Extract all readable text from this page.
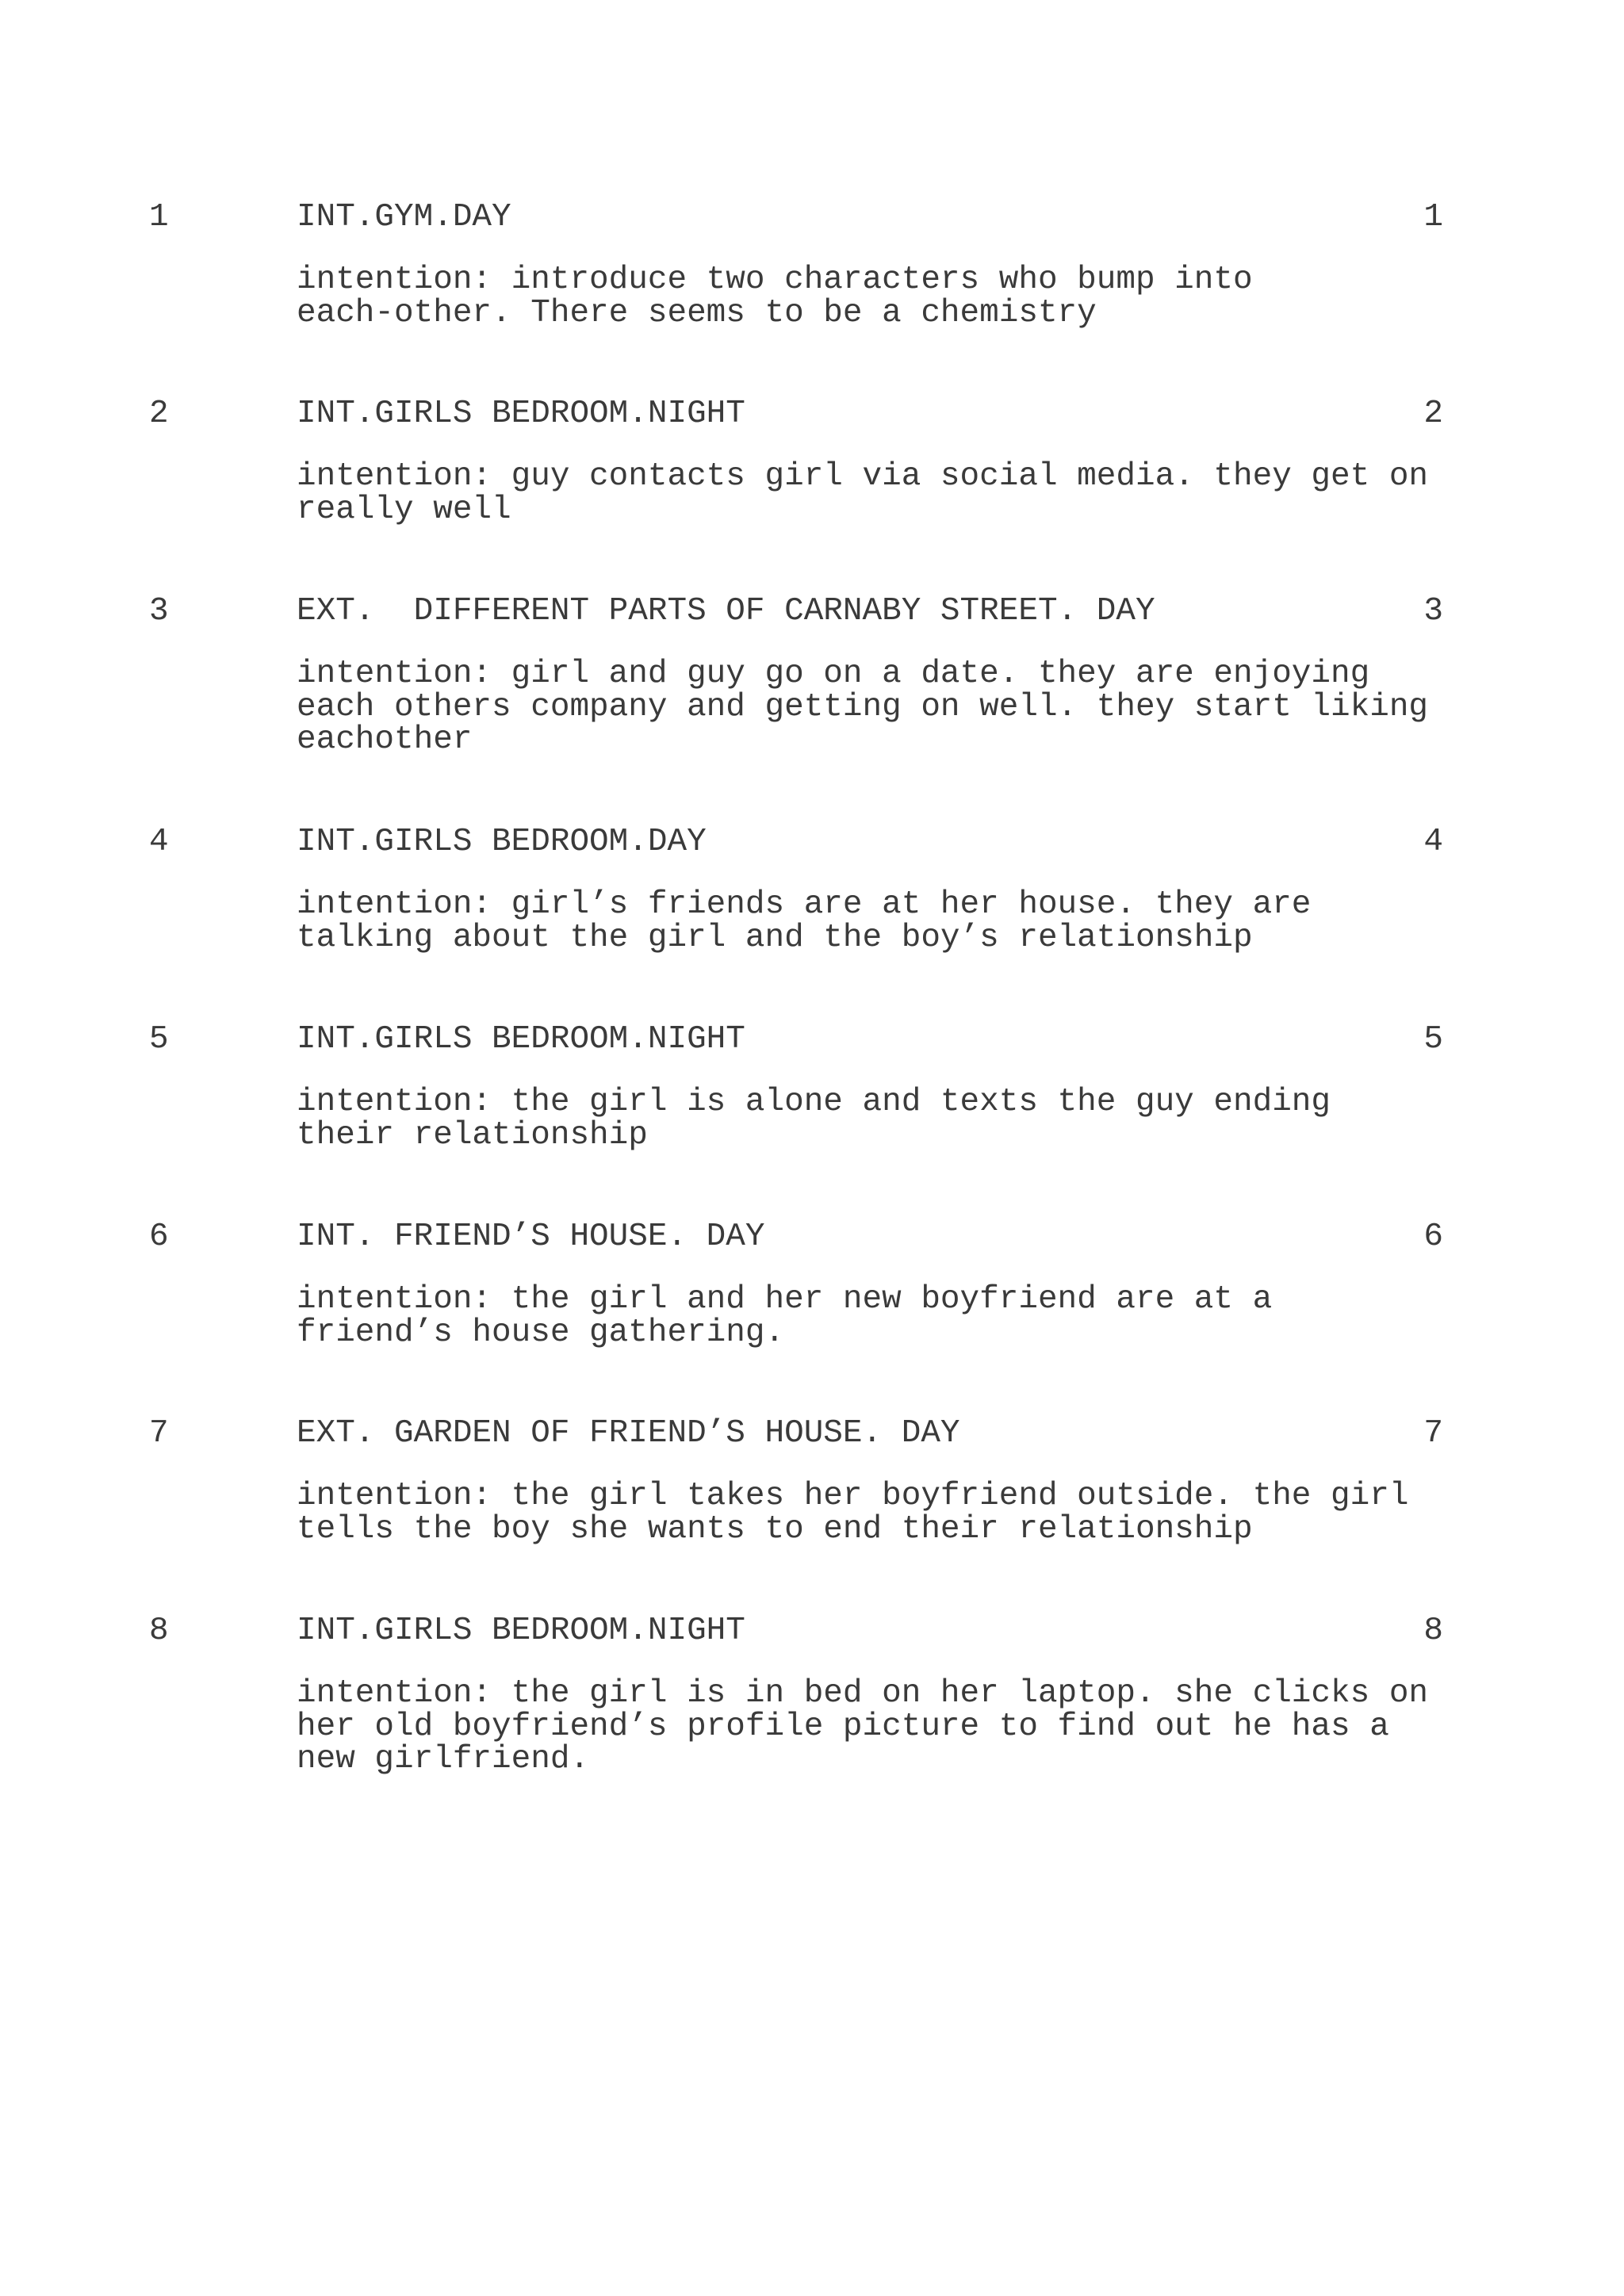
1	INT.GYM.DAY	1

intention: introduce two characters who bump into
each-other. There seems to be a chemistry

2	INT.GIRLS BEDROOM.NIGHT	2

intention: guy contacts girl via social media. they get on
really well

3	EXT.  DIFFERENT PARTS OF CARNABY STREET. DAY	3

intention: girl and guy go on a date. they are enjoying
each others company and getting on well. they start liking
eachother

4	INT.GIRLS BEDROOM.DAY	4

intention: girl’s friends are at her house. they are
talking about the girl and the boy’s relationship

5	INT.GIRLS BEDROOM.NIGHT	5

intention: the girl is alone and texts the guy ending
their relationship

6	INT. FRIEND’S HOUSE. DAY	6

intention: the girl and her new boyfriend are at a
friend’s house gathering.

7	EXT. GARDEN OF FRIEND’S HOUSE. DAY	7

intention: the girl takes her boyfriend outside. the girl
tells the boy she wants to end their relationship

8	INT.GIRLS BEDROOM.NIGHT	8

intention: the girl is in bed on her laptop. she clicks on
her old boyfriend’s profile picture to find out he has a
new girlfriend.
